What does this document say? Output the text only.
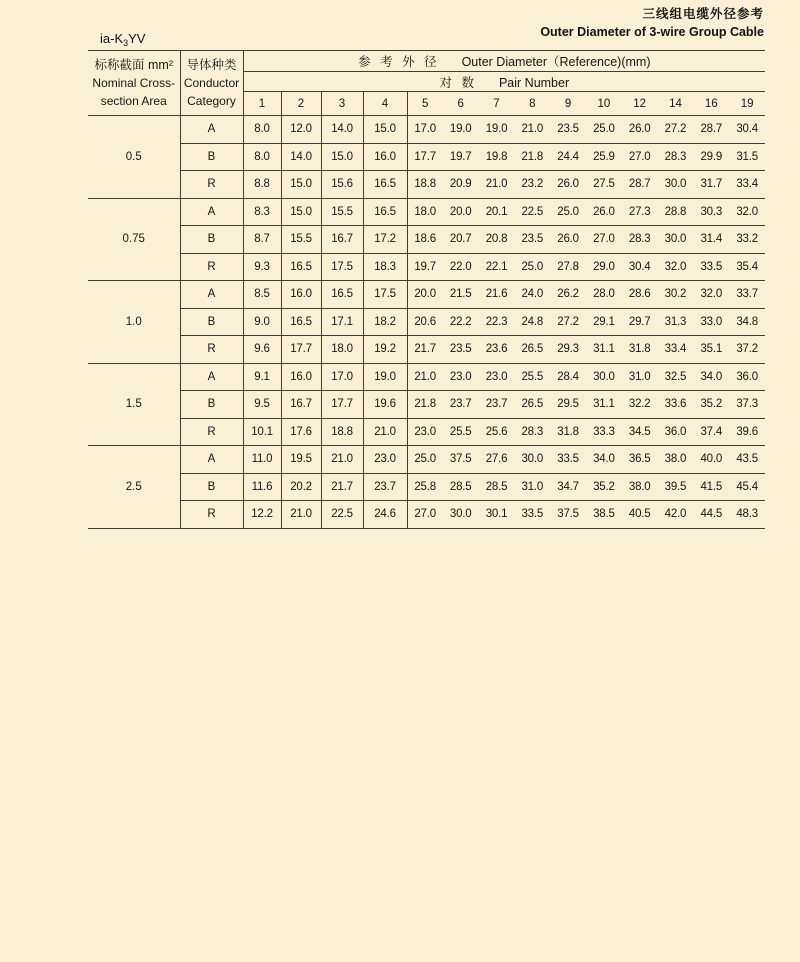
三线组电缆外径参考
Outer Diameter of 3-wire Group Cable
$ia-K_3YV$
标称截面 mm²
Nominal Cross-
section Area

导体种类
Conductor
Category
	参 考 外 径 Outer Diameter（Reference)(mm)
		对 数 Pair Number													
		1	2	3	4	5	6	7	8	9	10	12	14	16	19
0.5	A	8.0	12.0	14.0	15.0	17.0	19.0	19.0	21.0	23.5	25.0	26.0	27.2	28.7	30.4
	B	8.0	14.0	15.0	16.0	17.7	19.7	19.8	21.8	24.4	25.9	27.0	28.3	29.9	31.5
	R	8.8	15.0	15.6	16.5	18.8	20.9	21.0	23.2	26.0	27.5	28.7	30.0	31.7	33.4
0.75	A	8.3	15.0	15.5	16.5	18.0	20.0	20.1	22.5	25.0	26.0	27.3	28.8	30.3	32.0
	B	8.7	15.5	16.7	17.2	18.6	20.7	20.8	23.5	26.0	27.0	28.3	30.0	31.4	33.2
	R	9.3	16.5	17.5	18.3	19.7	22.0	22.1	25.0	27.8	29.0	30.4	32.0	33.5	35.4
1.0	A	8.5	16.0	16.5	17.5	20.0	21.5	21.6	24.0	26.2	28.0	28.6	30.2	32.0	33.7
	B	9.0	16.5	17.1	18.2	20.6	22.2	22.3	24.8	27.2	29.1	29.7	31.3	33.0	34.8
	R	9.6	17.7	18.0	19.2	21.7	23.5	23.6	26.5	29.3	31.1	31.8	33.4	35.1	37.2
1.5	A	9.1	16.0	17.0	19.0	21.0	23.0	23.0	25.5	28.4	30.0	31.0	32.5	34.0	36.0
	B	9.5	16.7	17.7	19.6	21.8	23.7	23.7	26.5	29.5	31.1	32.2	33.6	35.2	37.3
	R	10.1	17.6	18.8	21.0	23.0	25.5	25.6	28.3	31.8	33.3	34.5	36.0	37.4	39.6
2.5	A	11.0	19.5	21.0	23.0	25.0	37.5	27.6	30.0	33.5	34.0	36.5	38.0	40.0	43.5
	B	11.6	20.2	21.7	23.7	25.8	28.5	28.5	31.0	34.7	35.2	38.0	39.5	41.5	45.4
	R	12.2	21.0	22.5	24.6	27.0	30.0	30.1	33.5	37.5	38.5	40.5	42.0	44.5	48.3
